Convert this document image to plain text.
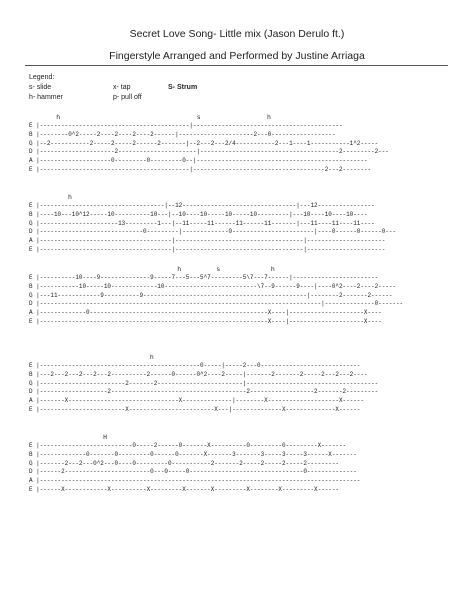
Secret Love Song- Little mix (Jason Derulo ft.)
Fingerstyle Arranged and Performed by Justine Arriaga
Legend:
s- slide
h- hammer
x- tap
p- pull off
S- Strum
h                                   s                 h
E |------------------------------------------|------------------------------------------
B |--------0^2-----2----2----2----2------|---------------------2---0------------------
G |--2-----------2-----2-----2------2-------|--2---2---2/4-----------2---1----1-----------1^2-----
D |---------------------2----------------------|---------------------------------------2---------2---
A |--------------------0---------0---------0--|------------------------------------------------
E |------------------------------------------|-------------------------------------2---2--------
h
E |-----------------------------------|--12--------------------------------|---12----------------
B |----10---10^12-----10----------10---|--10----10-----10-----10---------|---10----10----10----
G |----------------------13---------1---|--11-----11------11------11-------|---11----11----11----
D |-----------------------------0---------|-------------0-----------------------|----0------0------0---
A |-------------------------------------|------------------------------------|----------------------
E |-------------------------------------|------------------------------------|----------------------
h         s             h
E |----------10----9--------------9-----7---5---5^7---------5\7---7------|------------------------
B |-----------10-----10-------------10--------------------------\7--9------9----|----0^2----2----2-----
G |---11------------9----------9----------------------------------------------|--------2-------2------
D |-------------------------------------------------------------------------------|--------------0-------
A |-------------0--------------------------------------------------X----|---------------------X----
E |----------------------------------------------------------------X----|---------------------X----
h
E |---------------------------------------------0-----|-----2---0----------------------------
B |---2---2---2---2---2----------2------0------0^2----2-----|-------2-------2-----2---2---2----
G |------------------------2-------2------------------------|-------------------------------------
D |-------------------2--------------------------------------2------------------2-------2---------
A |-------X-------------------------------X--------------|--------X--------------------X------
E |------------------------X------------------------X---|--------------X--------------X------
H
E |--------------------------0-----2------0-------X----------0---------0---------X-------
B |-------------0-------0---------0------0-------X-------3-------3-----3-----3------X-------
G |-------2---2---0^2---0----0---------0-----------2-------2-----2-----2-----2---------
D |------2------------------------0---0-----0--------------------------------0--------------
A |------------------------------------------------------------------------------------------
E |------X------------X----------X---------X-------X---------X--------X---------X------
